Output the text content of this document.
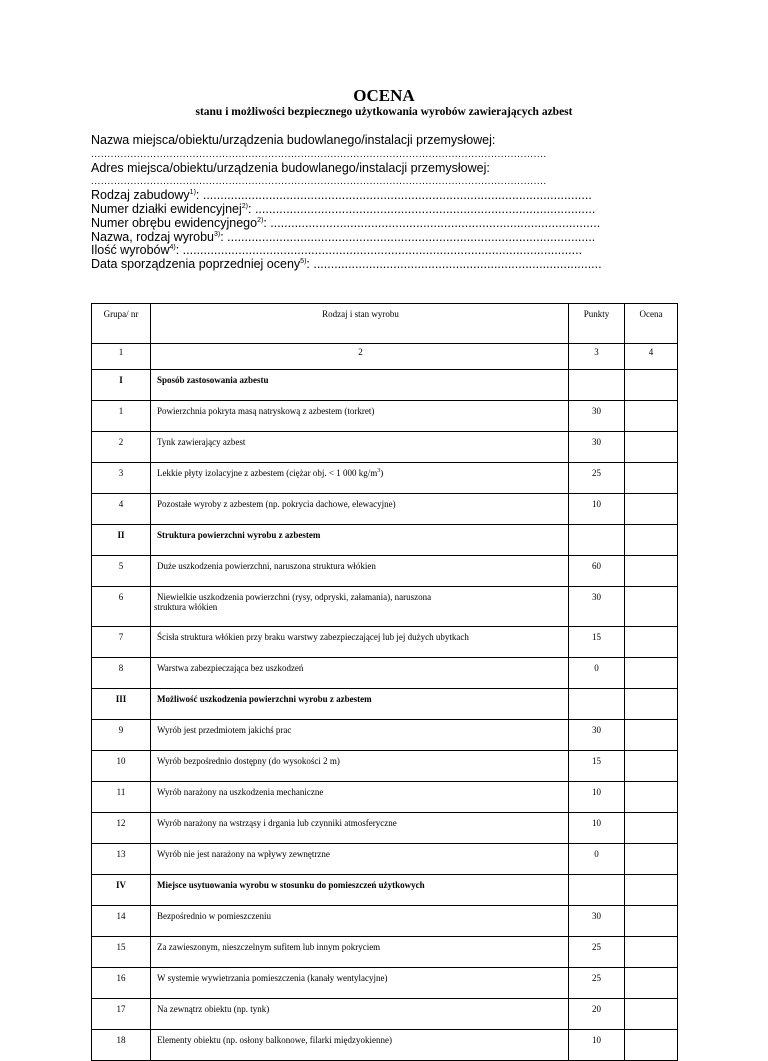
OCENA
stanu i możliwości bezpiecznego użytkowania wyrobów zawierających azbest
Nazwa miejsca/obiektu/urządzenia budowlanego/instalacji przemysłowej:
...........................................................................................................................................
Adres miejsca/obiektu/urządzenia budowlanego/instalacji przemysłowej:
...........................................................................................................................................
Rodzaj zabudowy$^{1)}$: ................................................................................................................
Numer działki ewidencyjnej$^{2)}$: ..................................................................................................
Numer obrębu ewidencyjnego$^{2)}$: ...............................................................................................
Nazwa, rodzaj wyrobu$^{3)}$: ..........................................................................................................
Ilość wyrobów$^{4)}$: ...................................................................................................................
Data sporządzenia poprzedniej oceny$^{5)}$: ...................................................................................
Grupa/ nr	Rodzaj i stan wyrobu	Punkty	Ocena
1	2	3	4
I	Sposób zastosowania azbestu		
1	Powierzchnia pokryta masą natryskową z azbestem (torkret)	30	
2	Tynk zawierający azbest	30	
3	Lekkie płyty izolacyjne z azbestem (ciężar obj. < 1 000 $kg/m^3$)	25	
4	Pozostałe wyroby z azbestem (np. pokrycia dachowe, elewacyjne)	10	
II	Struktura powierzchni wyrobu z azbestem		
5	Duże uszkodzenia powierzchni, naruszona struktura włókien	60	
6	Niewielkie uszkodzenia powierzchni (rysy, odpryski, załamania), naruszona
struktura włókien	30	
7	Ścisła struktura włókien przy braku warstwy zabezpieczającej lub jej dużych ubytkach	15	
8	Warstwa zabezpieczająca bez uszkodzeń	0	
III	Możliwość uszkodzenia powierzchni wyrobu z azbestem		
9	Wyrób jest przedmiotem jakichś prac	30	
10	Wyrób bezpośrednio dostępny (do wysokości 2 m)	15	
11	Wyrób narażony na uszkodzenia mechaniczne	10	
12	Wyrób narażony na wstrząsy i drgania lub czynniki atmosferyczne	10	
13	Wyrób nie jest narażony na wpływy zewnętrzne	0	
IV	Miejsce usytuowania wyrobu w stosunku do pomieszczeń użytkowych		
14	Bezpośrednio w pomieszczeniu	30	
15	Za zawieszonym, nieszczelnym sufitem lub innym pokryciem	25	
16	W systemie wywietrzania pomieszczenia (kanały wentylacyjne)	25	
17	Na zewnątrz obiektu (np. tynk)	20	
18	Elementy obiektu (np. osłony balkonowe, filarki międzyokienne)	10	
